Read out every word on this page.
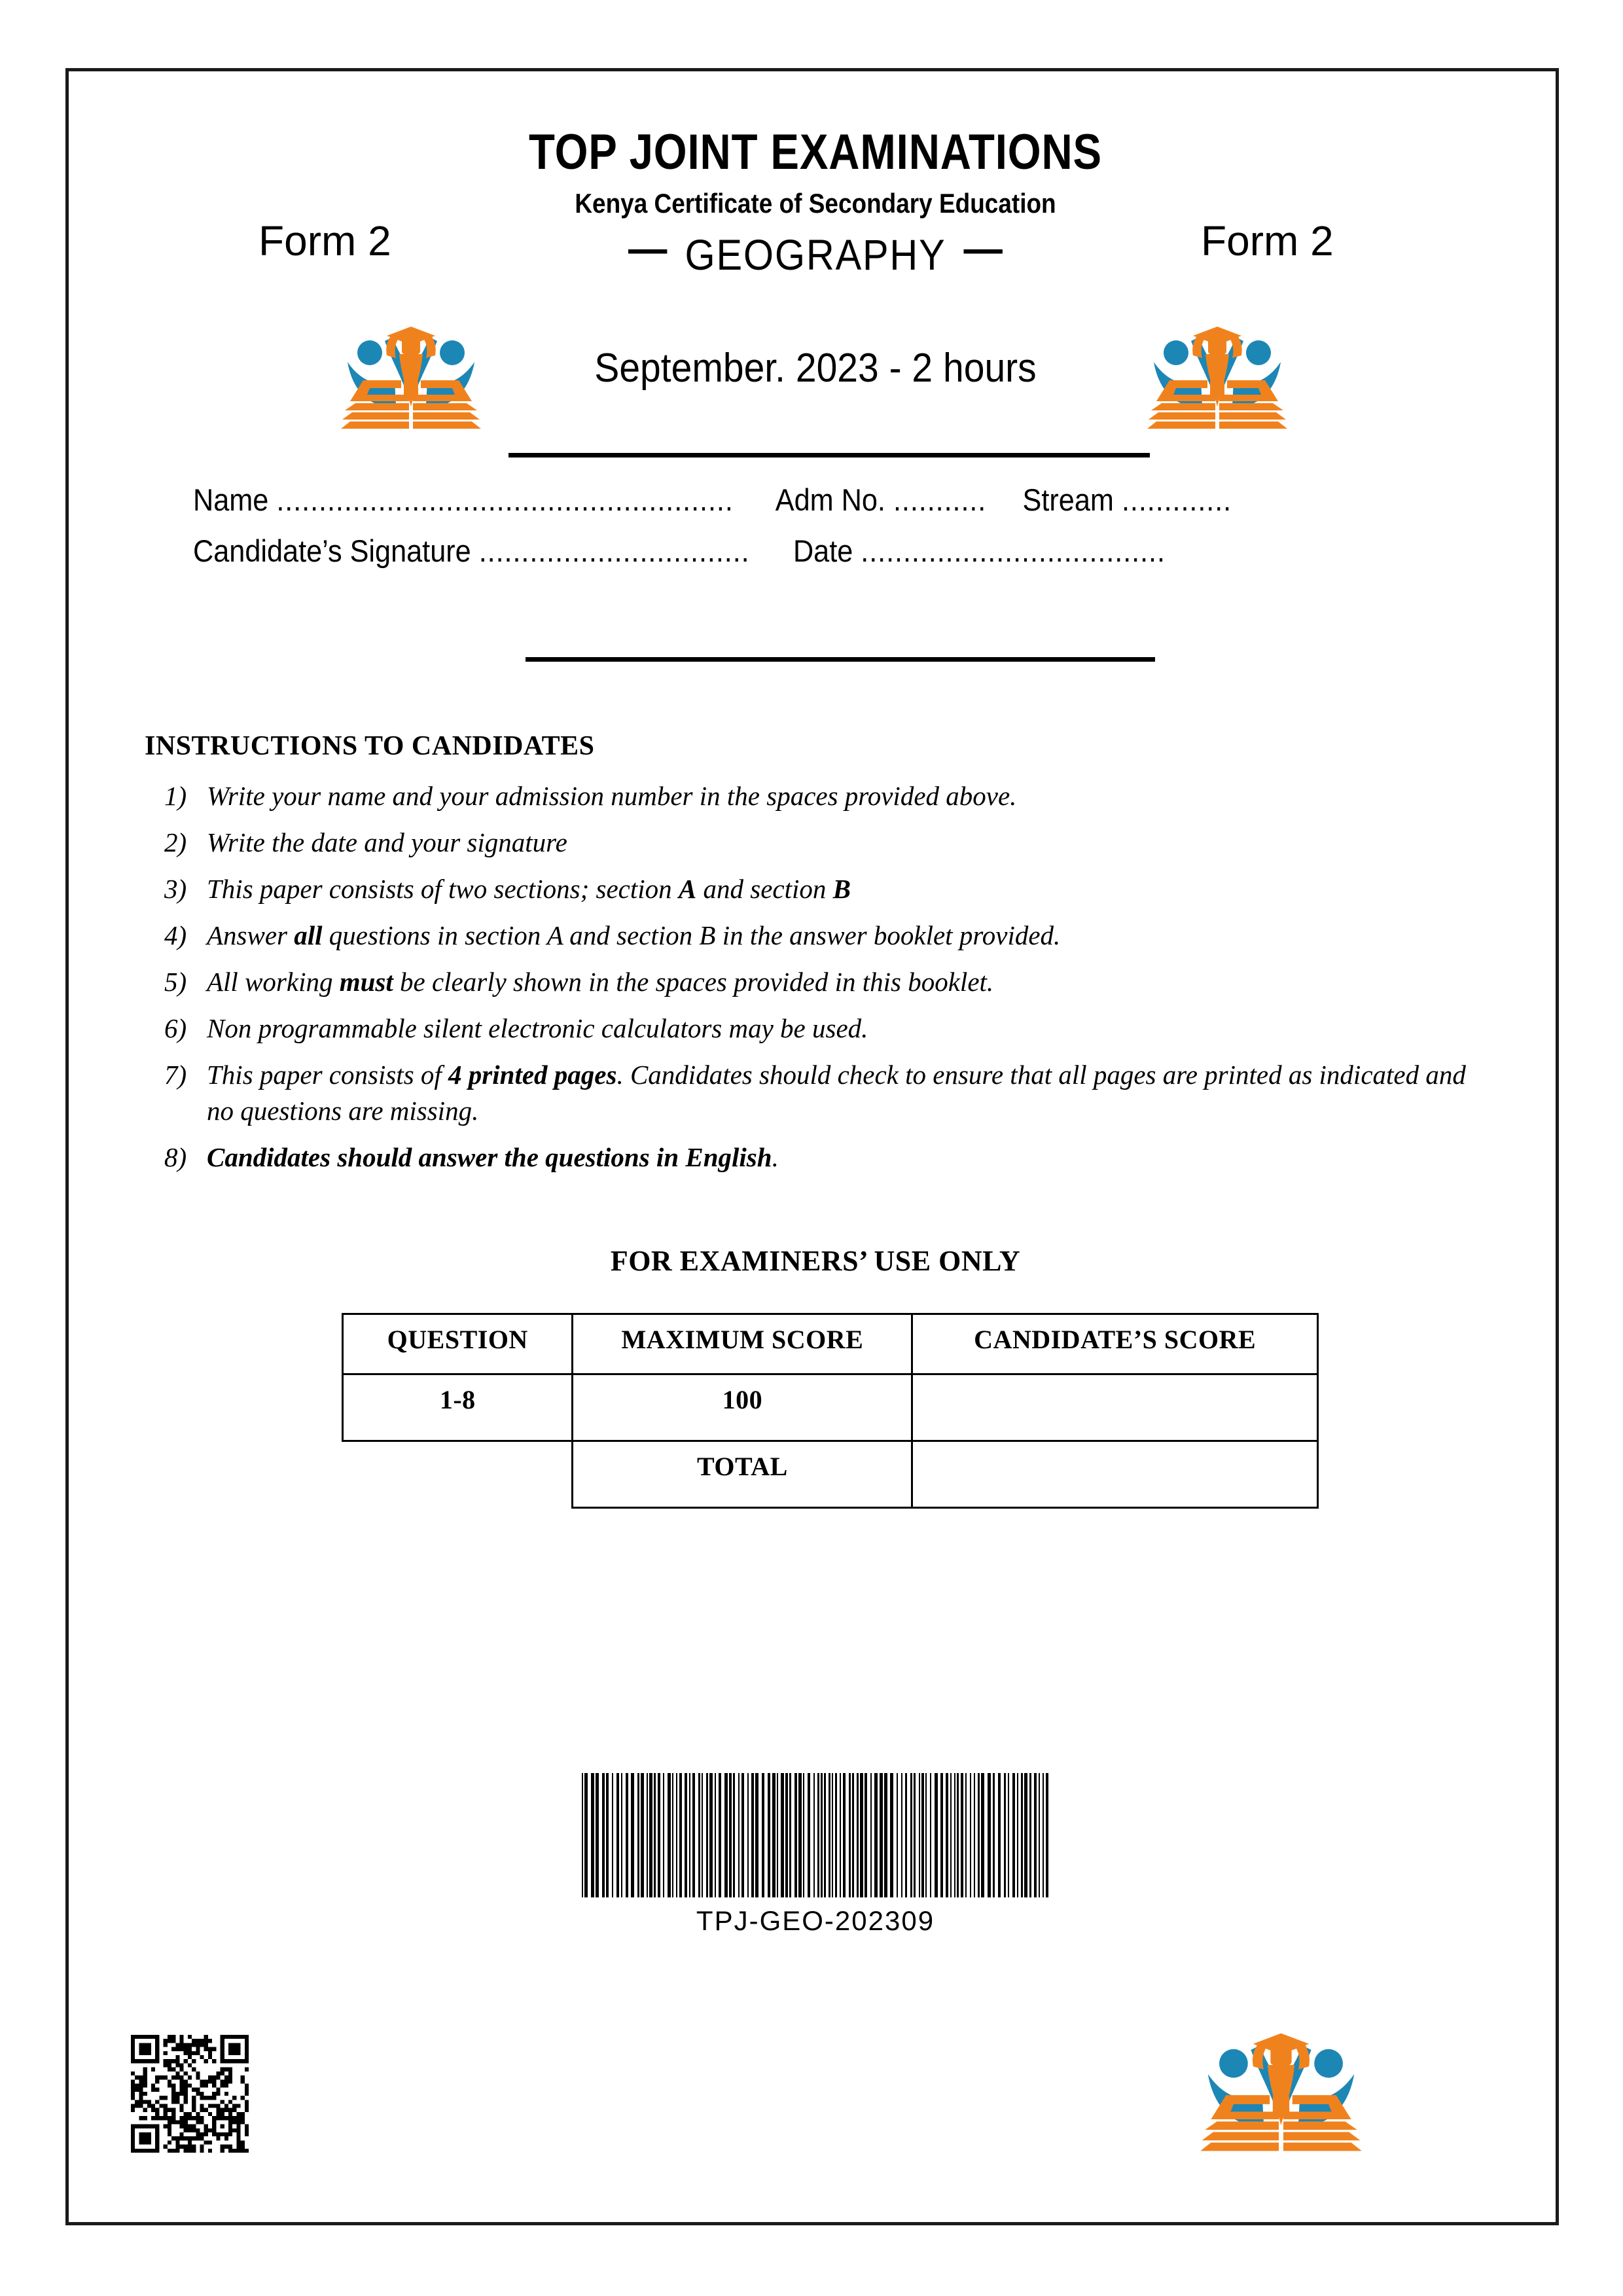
TOP JOINT EXAMINATIONS
Kenya Certificate of Secondary Education
Form 2	Form 2
— GEOGRAPHY —
September. 2023 - 2 hours
Name ...................................................... Adm No. ........... Stream .............
Candidate’s Signature ................................ Date ....................................
INSTRUCTIONS TO CANDIDATES
1) Write your name and your admission number in the spaces provided above.
2) Write the date and your signature
3) This paper consists of two sections; section A and section B
4) Answer all questions in section A and section B in the answer booklet provided.
5) All working must be clearly shown in the spaces provided in this booklet.
6) Non programmable silent electronic calculators may be used.
7) This paper consists of 4 printed pages. Candidates should check to ensure that all pages are printed as indicated and no questions are missing.
8) Candidates should answer the questions in English.
FOR EXAMINERS’ USE ONLY
QUESTION	MAXIMUM SCORE	CANDIDATE’S SCORE
1-8	100	
	TOTAL	
TPJ-GEO-202309
